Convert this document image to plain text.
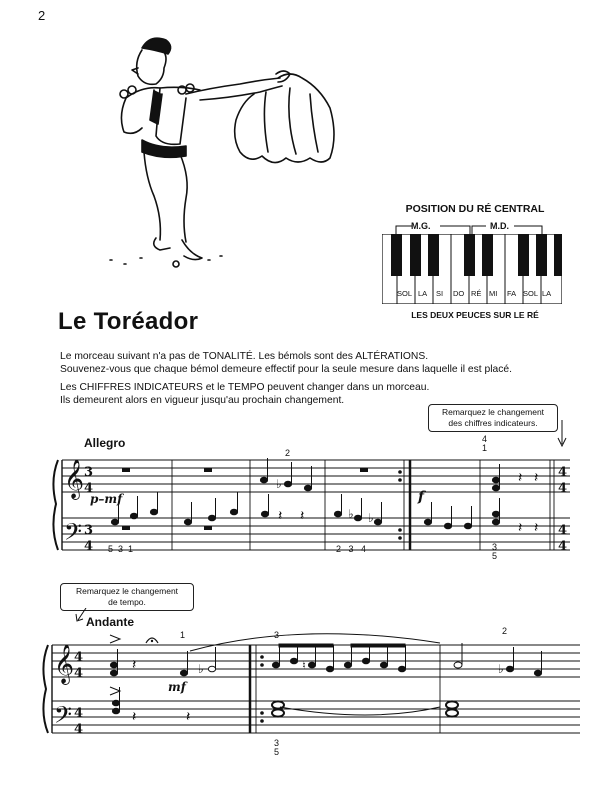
2
POSITION DU RÉ CENTRAL
M.G.	M.D.
SOL LA SI DO RÉ MI FA SOL LA
LES DEUX PEUCES SUR LE RÉ
Le Toréador
Le morceau suivant n'a pas de TONALITÉ. Les bémols sont des ALTÉRATIONS.
Souvenez-vous que chaque bémol demeure effectif pour la seule mesure dans laquelle il est placé.
Les CHIFFRES INDICATEURS et le TEMPO peuvent changer dans un morceau.
Ils demeurent alors en vigueur jusqu'au prochain changement.
Remarquez le changement
des chiffres indicateurs.
Allegro
𝄞
𝄢
♭
𝄽 𝄽
𝄽 𝄽
𝄽 𝄽
♭
♭
3
4
3
4
4
4
4
4
p–mf	f
5  3  1
2
2   3   4
4
1
3
5
Remarquez le changement
de tempo.
Andante
𝄞
𝄢
♭	♭
♮
𝄽
𝄽	𝄽
4
4
4
4
mf
1	3	2
3
5
